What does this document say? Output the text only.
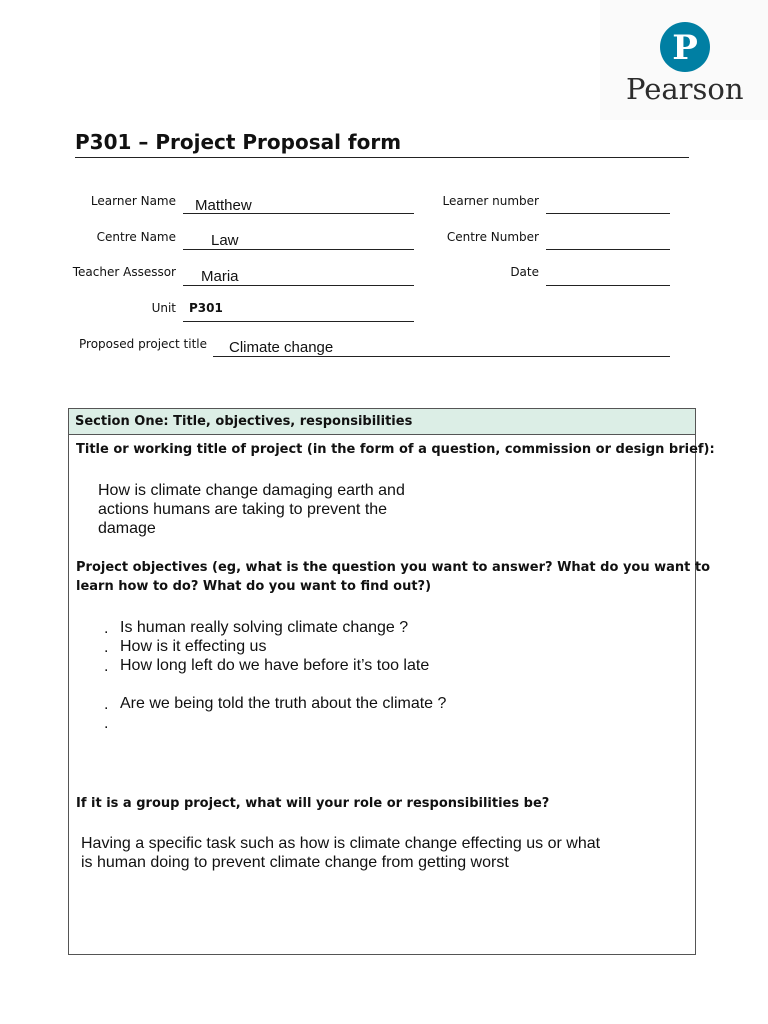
P
Pearson
P301 – Project Proposal form
Learner Name Matthew	Learner number
Centre Name Law	Centre Number
Teacher Assessor Maria	Date
Unit P301
Proposed project title Climate change
Section One: Title, objectives, responsibilities
Title or working title of project (in the form of a question, commission or design brief):
How is climate change damaging earth and
actions humans are taking to prevent the
damage
Project objectives (eg, what is the question you want to answer? What do you want to
learn how to do? What do you want to find out?)
. Is human really solving climate change ?
. How is it effecting us
. How long left do we have before it’s too late
. Are we being told the truth about the climate ?
.
If it is a group project, what will your role or responsibilities be?
Having a specific task such as how is climate change effecting us or what
is human doing to prevent climate change from getting worst
